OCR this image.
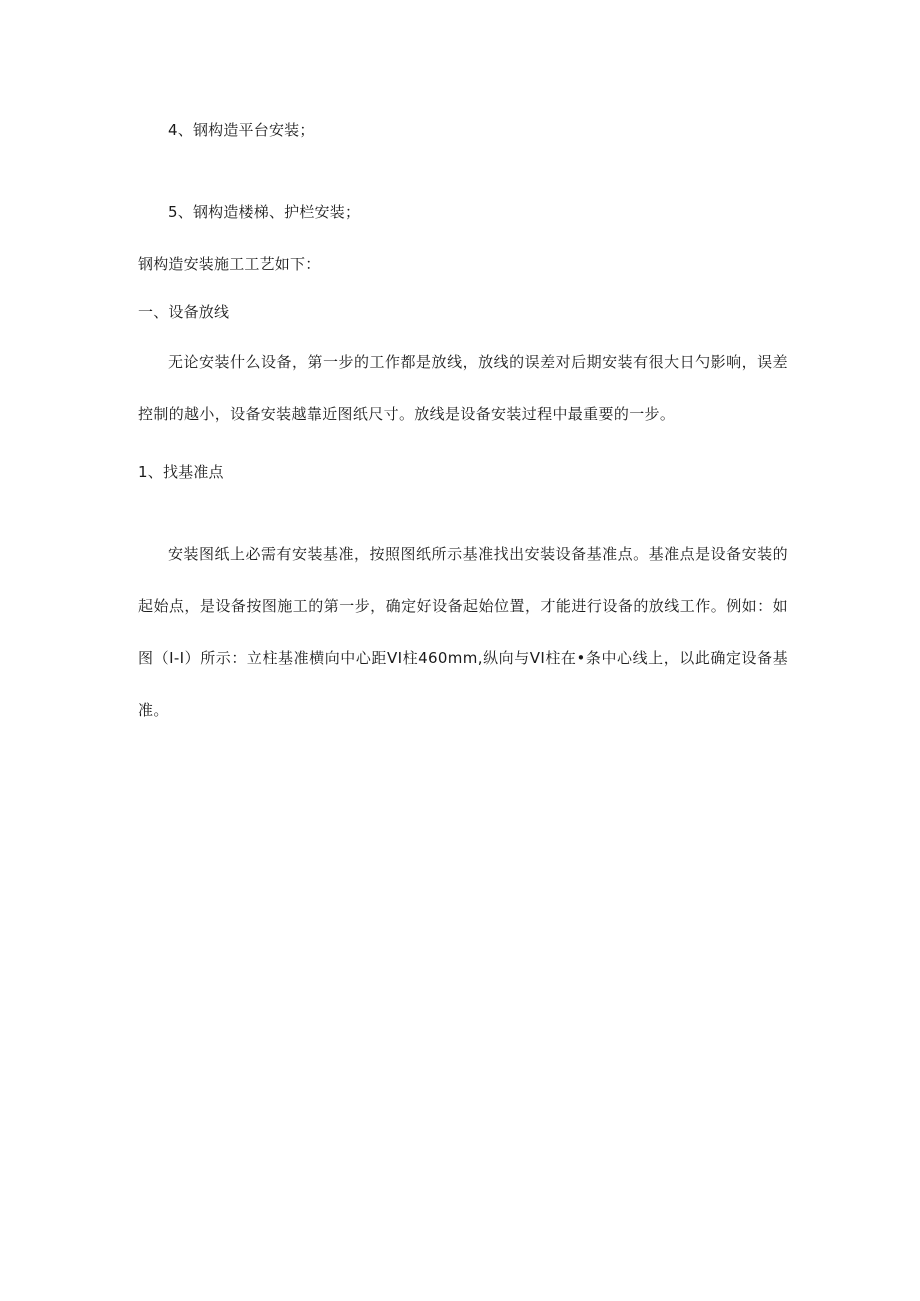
4、钢构造平台安装；
5、钢构造楼梯、护栏安装；
钢构造安装施工工艺如下：
一、设备放线
无论安装什么设备，第一步的工作都是放线，放线的误差对后期安装有很大日勺影响，误差控制的越小，设备安装越靠近图纸尺寸。放线是设备安装过程中最重要的一步。
1、找基准点
安装图纸上必需有安装基准，按照图纸所示基准找出安装设备基准点。基准点是设备安装的起始点，是设备按图施工的第一步，确定好设备起始位置，才能进行设备的放线工作。例如：如图（I-I）所示：立柱基准横向中心距VI柱460mm,纵向与VI柱在•条中心线上，以此确定设备基准。
